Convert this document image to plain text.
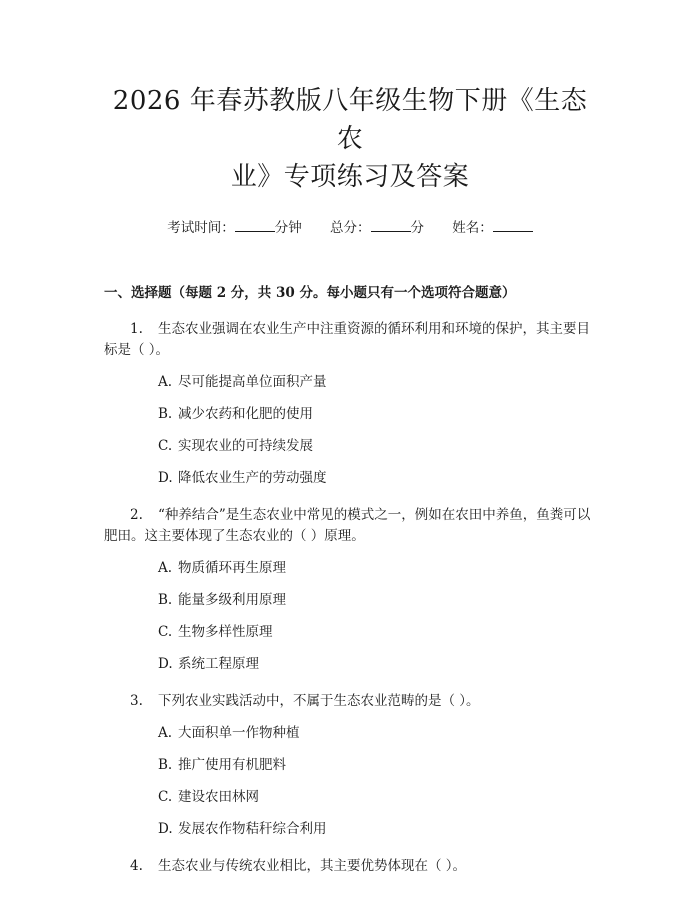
2026 年春苏教版八年级生物下册《生态农
业》专项练习及答案
考试时间：	分钟 总分：	分 姓名：
一、选择题（每题 2 分，共 30 分。每小题只有一个选项符合题意）
1. 生态农业强调在农业生产中注重资源的循环利用和环境的保护，其主要目标是（ ）。
A. 尽可能提高单位面积产量
B. 减少农药和化肥的使用
C. 实现农业的可持续发展
D. 降低农业生产的劳动强度
2. “种养结合”是生态农业中常见的模式之一，例如在农田中养鱼，鱼粪可以肥田。这主要体现了生态农业的（ ）原理。
A. 物质循环再生原理
B. 能量多级利用原理
C. 生物多样性原理
D. 系统工程原理
3. 下列农业实践活动中，不属于生态农业范畴的是（ ）。
A. 大面积单一作物种植
B. 推广使用有机肥料
C. 建设农田林网
D. 发展农作物秸秆综合利用
4. 生态农业与传统农业相比，其主要优势体现在（ ）。
